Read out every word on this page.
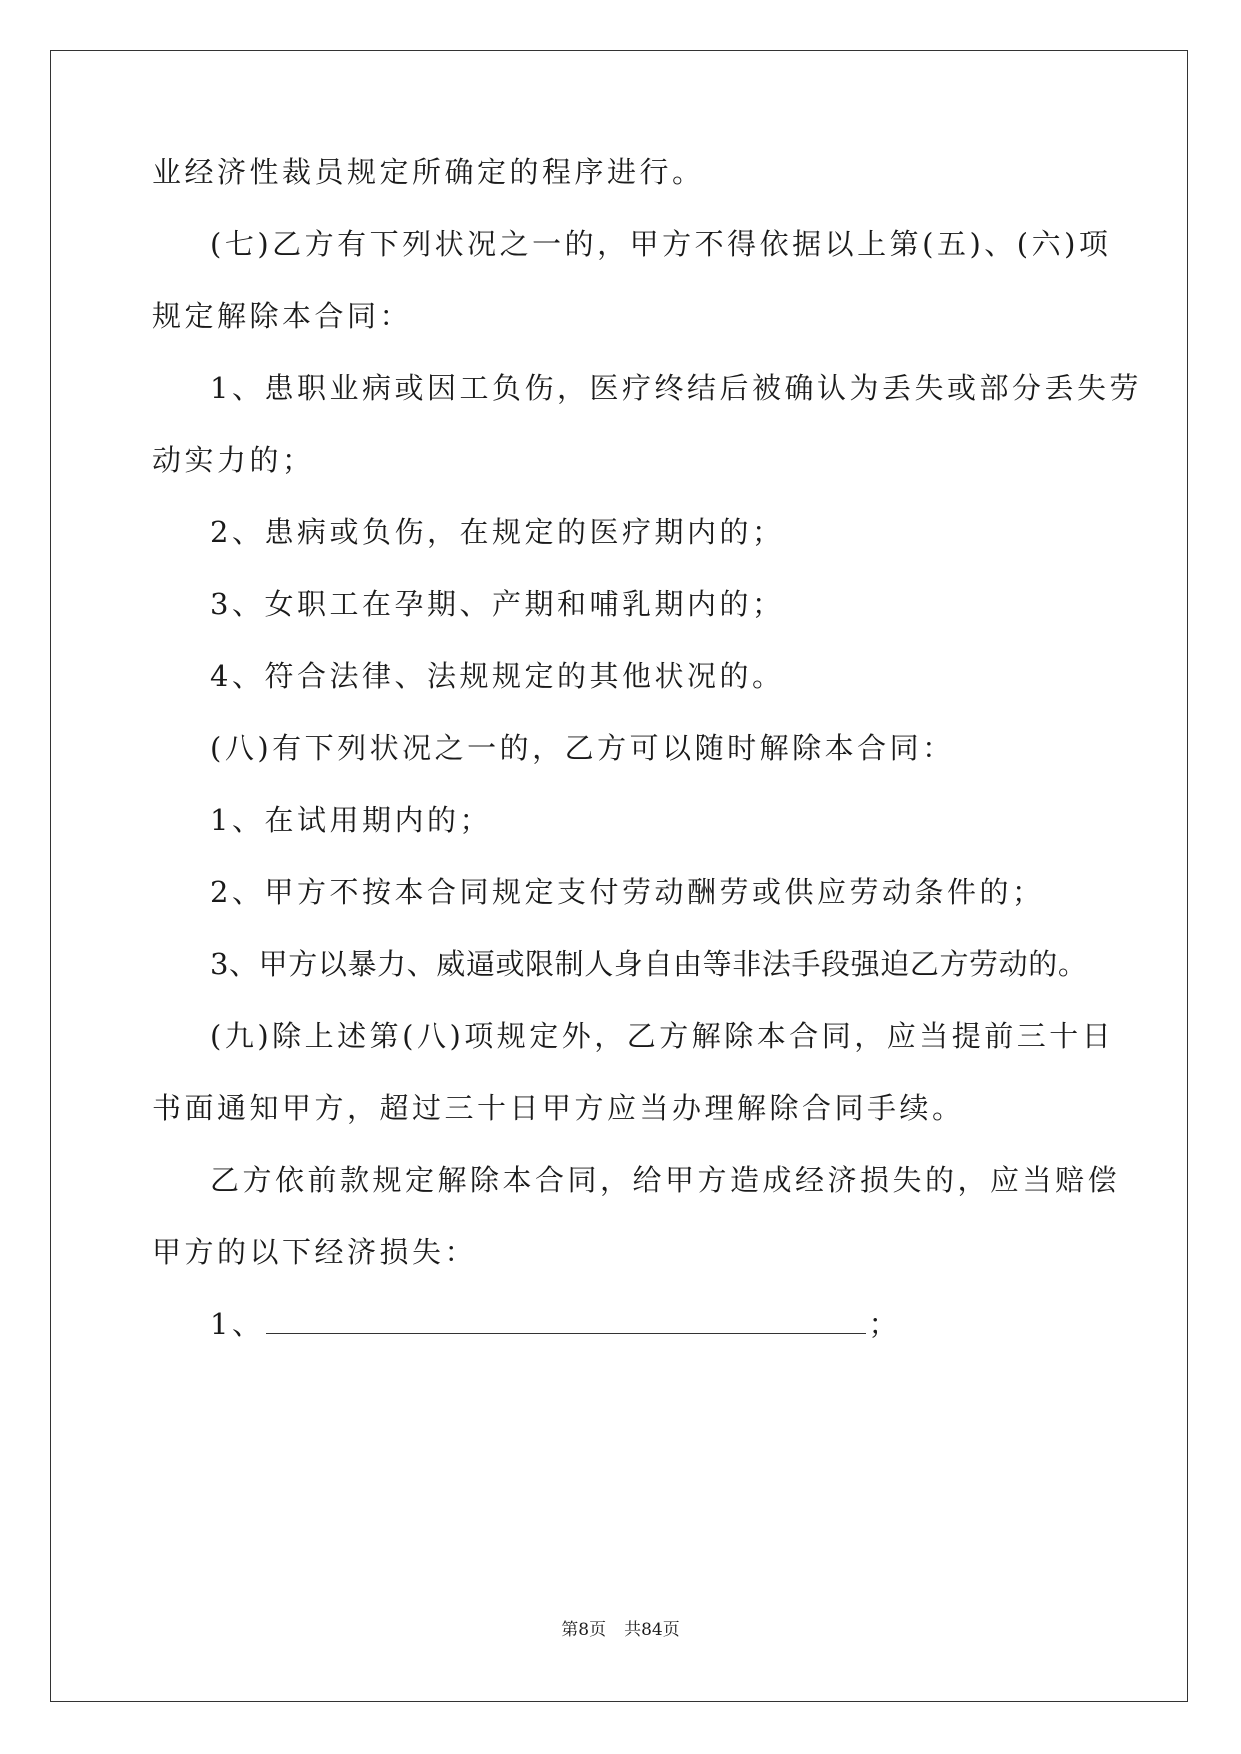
业经济性裁员规定所确定的程序进行。
(七)乙方有下列状况之一的，甲方不得依据以上第(五)、(六)项
规定解除本合同：
1、患职业病或因工负伤，医疗终结后被确认为丢失或部分丢失劳
动实力的；
2、患病或负伤，在规定的医疗期内的；
3、女职工在孕期、产期和哺乳期内的；
4、符合法律、法规规定的其他状况的。
(八)有下列状况之一的，乙方可以随时解除本合同：
1、在试用期内的；
2、甲方不按本合同规定支付劳动酬劳或供应劳动条件的；
3、甲方以暴力、威逼或限制人身自由等非法手段强迫乙方劳动的。
(九)除上述第(八)项规定外，乙方解除本合同，应当提前三十日
书面通知甲方，超过三十日甲方应当办理解除合同手续。
乙方依前款规定解除本合同，给甲方造成经济损失的，应当赔偿
甲方的以下经济损失：
1、	；
第8页 共84页
